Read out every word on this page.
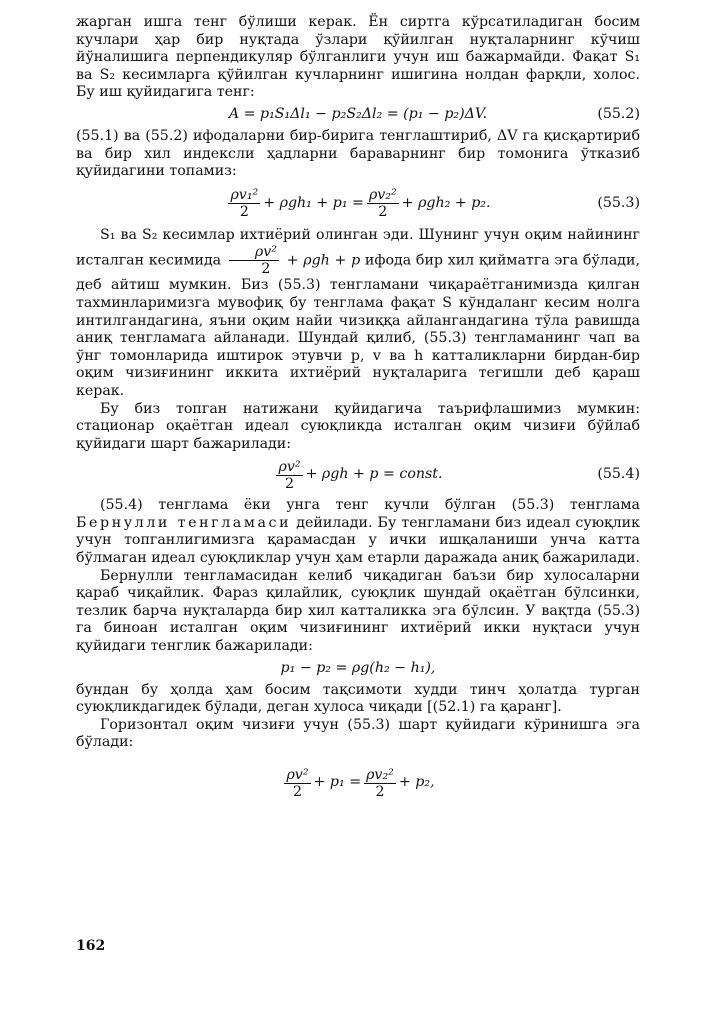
жарган ишга тенг бўлиши керак. Ён сиртга кўрсатиладиган босим кучлари ҳар бир нуқтада ўзлари қўйилган нуқталарнинг кўчиш йўналишига перпендикуляр бўлганлиги учун иш бажармайди. Фақат S₁ ва S₂ кесимларга қўйилган кучларнинг ишигина нолдан фарқли, холос. Бу иш қуйидагига тенг:

A = p₁S₁Δl₁ − p₂S₂Δl₂ = (p₁ − p₂)ΔV.	(55.2)

(55.1) ва (55.2) ифодаларни бир-бирига тенглаштириб, ΔV га қисқартириб ва бир хил индексли ҳадларни бараварнинг бир томонига ўтказиб қуйидагини топамиз:

$\frac{\text{ρv₁²}}{2} + \rho gh_1 + p_1 = \frac{\text{ρv₂²}}{2} + \rho gh_2 + p_2$.	(55.3)

S₁ ва S₂ кесимлар ихтиёрий олинган эди. Шунинг учун оқим найининг исталган кесимида $\frac{\text{ρv²}}{2} + \rho gh + p$ ифода бир хил қийматга эга бўлади, деб айтиш мумкин. Биз (55.3) тенгламани чиқараётганимизда қилган тахминларимизга мувофиқ бу тенглама фақат S кўндаланг кесим нолга интилгандагина, яъни оқим найи чизиққа айлангандагина тўла равишда аниқ тенгламага айланади. Шундай қилиб, (55.3) тенгламанинг чап ва ўнг томонларида иштирок этувчи p, v ва h катталикларни бирдан-бир оқим чизиғининг иккита ихтиёрий нуқталарига тегишли деб қараш керак.

Бу биз топган натижани қуйидагича таърифлашимиз мумкин: стационар оқаётган идеал суюқликда исталган оқим чизиғи бўйлаб қуйидаги шарт бажарилади:

$\frac{\text{ρv²}}{2} + \rho gh + p$ = const.	(55.4)

(55.4) тенглама ёки унга тенг кучли бўлган (55.3) тенглама Бернулли тенгламаси дейилади. Бу тенгламани биз идеал суюқлик учун топганлигимизга қарамасдан у ички ишқаланиши унча катта бўлмаган идеал суюқликлар учун ҳам етарли даражада аниқ бажарилади.

Бернулли тенгламасидан келиб чиқадиган баъзи бир хулосаларни қараб чиқайлик. Фараз қилайлик, суюқлик шундай оқаётган бўлсинки, тезлик барча нуқталарда бир хил катталикка эга бўлсин. У вақтда (55.3) га биноан исталган оқим чизиғининг ихтиёрий икки нуқтаси учун қуйидаги тенглик бажарилади:

p₁ − p₂ = ρg(h₂ − h₁),

бундан бу ҳолда ҳам босим тақсимоти худди тинч ҳолатда турган суюқликдагидек бўлади, деган хулоса чиқади [(52.1) га қаранг].

Горизонтал оқим чизиғи учун (55.3) шарт қуйидаги кўринишга эга бўлади:

$\frac{\text{ρv²}}{2} + p_1 = \frac{\text{ρv₂²}}{2} + p_2$,
162
